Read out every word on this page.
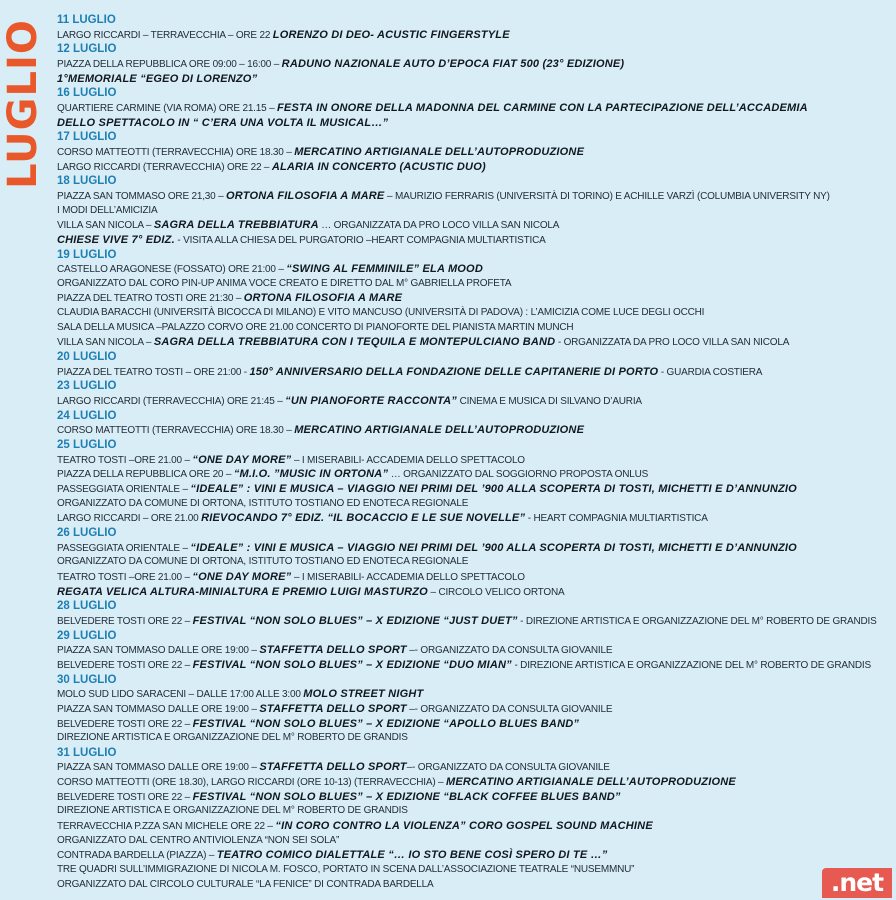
LUGLIO 11 LUGLIO
LARGO RICCARDI – TERRAVECCHIA – ORE 22 LORENZO DI DEO- ACUSTIC FINGERSTYLE
12 LUGLIO
PIAZZA DELLA REPUBBLICA ORE 09:00 – 16:00 – RADUNO NAZIONALE AUTO D’EPOCA FIAT 500 (23° EDIZIONE)
1°MEMORIALE “EGEO DI LORENZO”
16 LUGLIO
QUARTIERE CARMINE (VIA ROMA) ORE 21.15 – FESTA IN ONORE DELLA MADONNA DEL CARMINE CON LA PARTECIPAZIONE DELL’ACCADEMIA
DELLO SPETTACOLO IN “ C’ERA UNA VOLTA IL MUSICAL…”
17 LUGLIO
CORSO MATTEOTTI (TERRAVECCHIA) ORE 18.30 – MERCATINO ARTIGIANALE DELL’AUTOPRODUZIONE
LARGO RICCARDI (TERRAVECCHIA) ORE 22 – ALARIA IN CONCERTO (ACUSTIC DUO)
18 LUGLIO
PIAZZA SAN TOMMASO ORE 21,30 – ORTONA FILOSOFIA A MARE – MAURIZIO FERRARIS (UNIVERSITÀ DI TORINO) E ACHILLE VARZÌ (COLUMBIA UNIVERSITY NY)
I MODI DELL’AMICIZIA
VILLA SAN NICOLA – SAGRA DELLA TREBBIATURA … ORGANIZZATA DA PRO LOCO VILLA SAN NICOLA
CHIESE VIVE 7° EDIZ. - VISITA ALLA CHIESA DEL PURGATORIO –HEART COMPAGNIA MULTIARTISTICA
19 LUGLIO
CASTELLO ARAGONESE (FOSSATO) ORE 21:00 – “SWING AL FEMMINILE” ELA MOOD
ORGANIZZATO DAL CORO PIN-UP ANIMA VOCE CREATO E DIRETTO DAL M° GABRIELLA PROFETA
PIAZZA DEL TEATRO TOSTI ORE 21:30 – ORTONA FILOSOFIA A MARE
CLAUDIA BARACCHI (UNIVERSITÀ BICOCCA DI MILANO) E VITO MANCUSO (UNIVERSITÀ DI PADOVA) : L’AMICIZIA COME LUCE DEGLI OCCHI
SALA DELLA MUSICA –PALAZZO CORVO ORE 21.00 CONCERTO DI PIANOFORTE DEL PIANISTA MARTIN MUNCH
VILLA SAN NICOLA – SAGRA DELLA TREBBIATURA CON I TEQUILA E MONTEPULCIANO BAND - ORGANIZZATA DA PRO LOCO VILLA SAN NICOLA
20 LUGLIO
PIAZZA DEL TEATRO TOSTI – ORE 21:00 - 150° ANNIVERSARIO DELLA FONDAZIONE DELLE CAPITANERIE DI PORTO - GUARDIA COSTIERA
23 LUGLIO
LARGO RICCARDI (TERRAVECCHIA) ORE 21:45 – “UN PIANOFORTE RACCONTA” CINEMA E MUSICA DI SILVANO D’AURIA
24 LUGLIO
CORSO MATTEOTTI (TERRAVECCHIA) ORE 18.30 – MERCATINO ARTIGIANALE DELL’AUTOPRODUZIONE
25 LUGLIO
TEATRO TOSTI –ORE 21.00 – “ONE DAY MORE” – I MISERABILI- ACCADEMIA DELLO SPETTACOLO
PIAZZA DELLA REPUBBLICA ORE 20 – “M.I.O. ”MUSIC IN ORTONA” … ORGANIZZATO DAL SOGGIORNO PROPOSTA ONLUS
PASSEGGIATA ORIENTALE – “IDEALE” : VINI E MUSICA – VIAGGIO NEI PRIMI DEL ’900 ALLA SCOPERTA DI TOSTI, MICHETTI E D’ANNUNZIO
ORGANIZZATO DA COMUNE DI ORTONA, ISTITUTO TOSTIANO ED ENOTECA REGIONALE
LARGO RICCARDI – ORE 21.00 RIEVOCANDO 7° EDIZ. “IL BOCACCIO E LE SUE NOVELLE” - HEART COMPAGNIA MULTIARTISTICA
26 LUGLIO
PASSEGGIATA ORIENTALE – “IDEALE” : VINI E MUSICA – VIAGGIO NEI PRIMI DEL ’900 ALLA SCOPERTA DI TOSTI, MICHETTI E D’ANNUNZIO
ORGANIZZATO DA COMUNE DI ORTONA, ISTITUTO TOSTIANO ED ENOTECA REGIONALE
TEATRO TOSTI –ORE 21.00 – “ONE DAY MORE” – I MISERABILI- ACCADEMIA DELLO SPETTACOLO
REGATA VELICA ALTURA-MINIALTURA E PREMIO LUIGI MASTURZO – CIRCOLO VELICO ORTONA
28 LUGLIO
BELVEDERE TOSTI ORE 22 – FESTIVAL “NON SOLO BLUES” – X EDIZIONE “JUST DUET” - DIREZIONE ARTISTICA E ORGANIZZAZIONE DEL M° ROBERTO DE GRANDIS
29 LUGLIO
PIAZZA SAN TOMMASO DALLE ORE 19:00 – STAFFETTA DELLO SPORT –- ORGANIZZATO DA CONSULTA GIOVANILE
BELVEDERE TOSTI ORE 22 – FESTIVAL “NON SOLO BLUES” – X EDIZIONE “DUO MIAN” - DIREZIONE ARTISTICA E ORGANIZZAZIONE DEL M° ROBERTO DE GRANDIS
30 LUGLIO
MOLO SUD LIDO SARACENI – DALLE 17:00 ALLE 3:00 MOLO STREET NIGHT
PIAZZA SAN TOMMASO DALLE ORE 19:00 – STAFFETTA DELLO SPORT –- ORGANIZZATO DA CONSULTA GIOVANILE
BELVEDERE TOSTI ORE 22 – FESTIVAL “NON SOLO BLUES” – X EDIZIONE “APOLLO BLUES BAND”
DIREZIONE ARTISTICA E ORGANIZZAZIONE DEL M° ROBERTO DE GRANDIS
31 LUGLIO
PIAZZA SAN TOMMASO DALLE ORE 19:00 – STAFFETTA DELLO SPORT–- ORGANIZZATO DA CONSULTA GIOVANILE
CORSO MATTEOTTI (ORE 18.30), LARGO RICCARDI (ORE 10-13) (TERRAVECCHIA) – MERCATINO ARTIGIANALE DELL’AUTOPRODUZIONE
BELVEDERE TOSTI ORE 22 – FESTIVAL “NON SOLO BLUES” – X EDIZIONE “BLACK COFFEE BLUES BAND”
DIREZIONE ARTISTICA E ORGANIZZAZIONE DEL M° ROBERTO DE GRANDIS
TERRAVECCHIA P.ZZA SAN MICHELE ORE 22 – “IN CORO CONTRO LA VIOLENZA” CORO GOSPEL SOUND MACHINE
ORGANIZZATO DAL CENTRO ANTIVIOLENZA “NON SEI SOLA”
CONTRADA BARDELLA (PIAZZA) – TEATRO COMICO DIALETTALE “… IO STO BENE COSÌ SPERO DI TE …”
TRE QUADRI SULL’IMMIGRAZIONE DI NICOLA M. FOSCO, PORTATO IN SCENA DALL’ASSOCIAZIONE TEATRALE “NUSEMMNU”
ORGANIZZATO DAL CIRCOLO CULTURALE “LA FENICE” DI CONTRADA BARDELLA	.net
